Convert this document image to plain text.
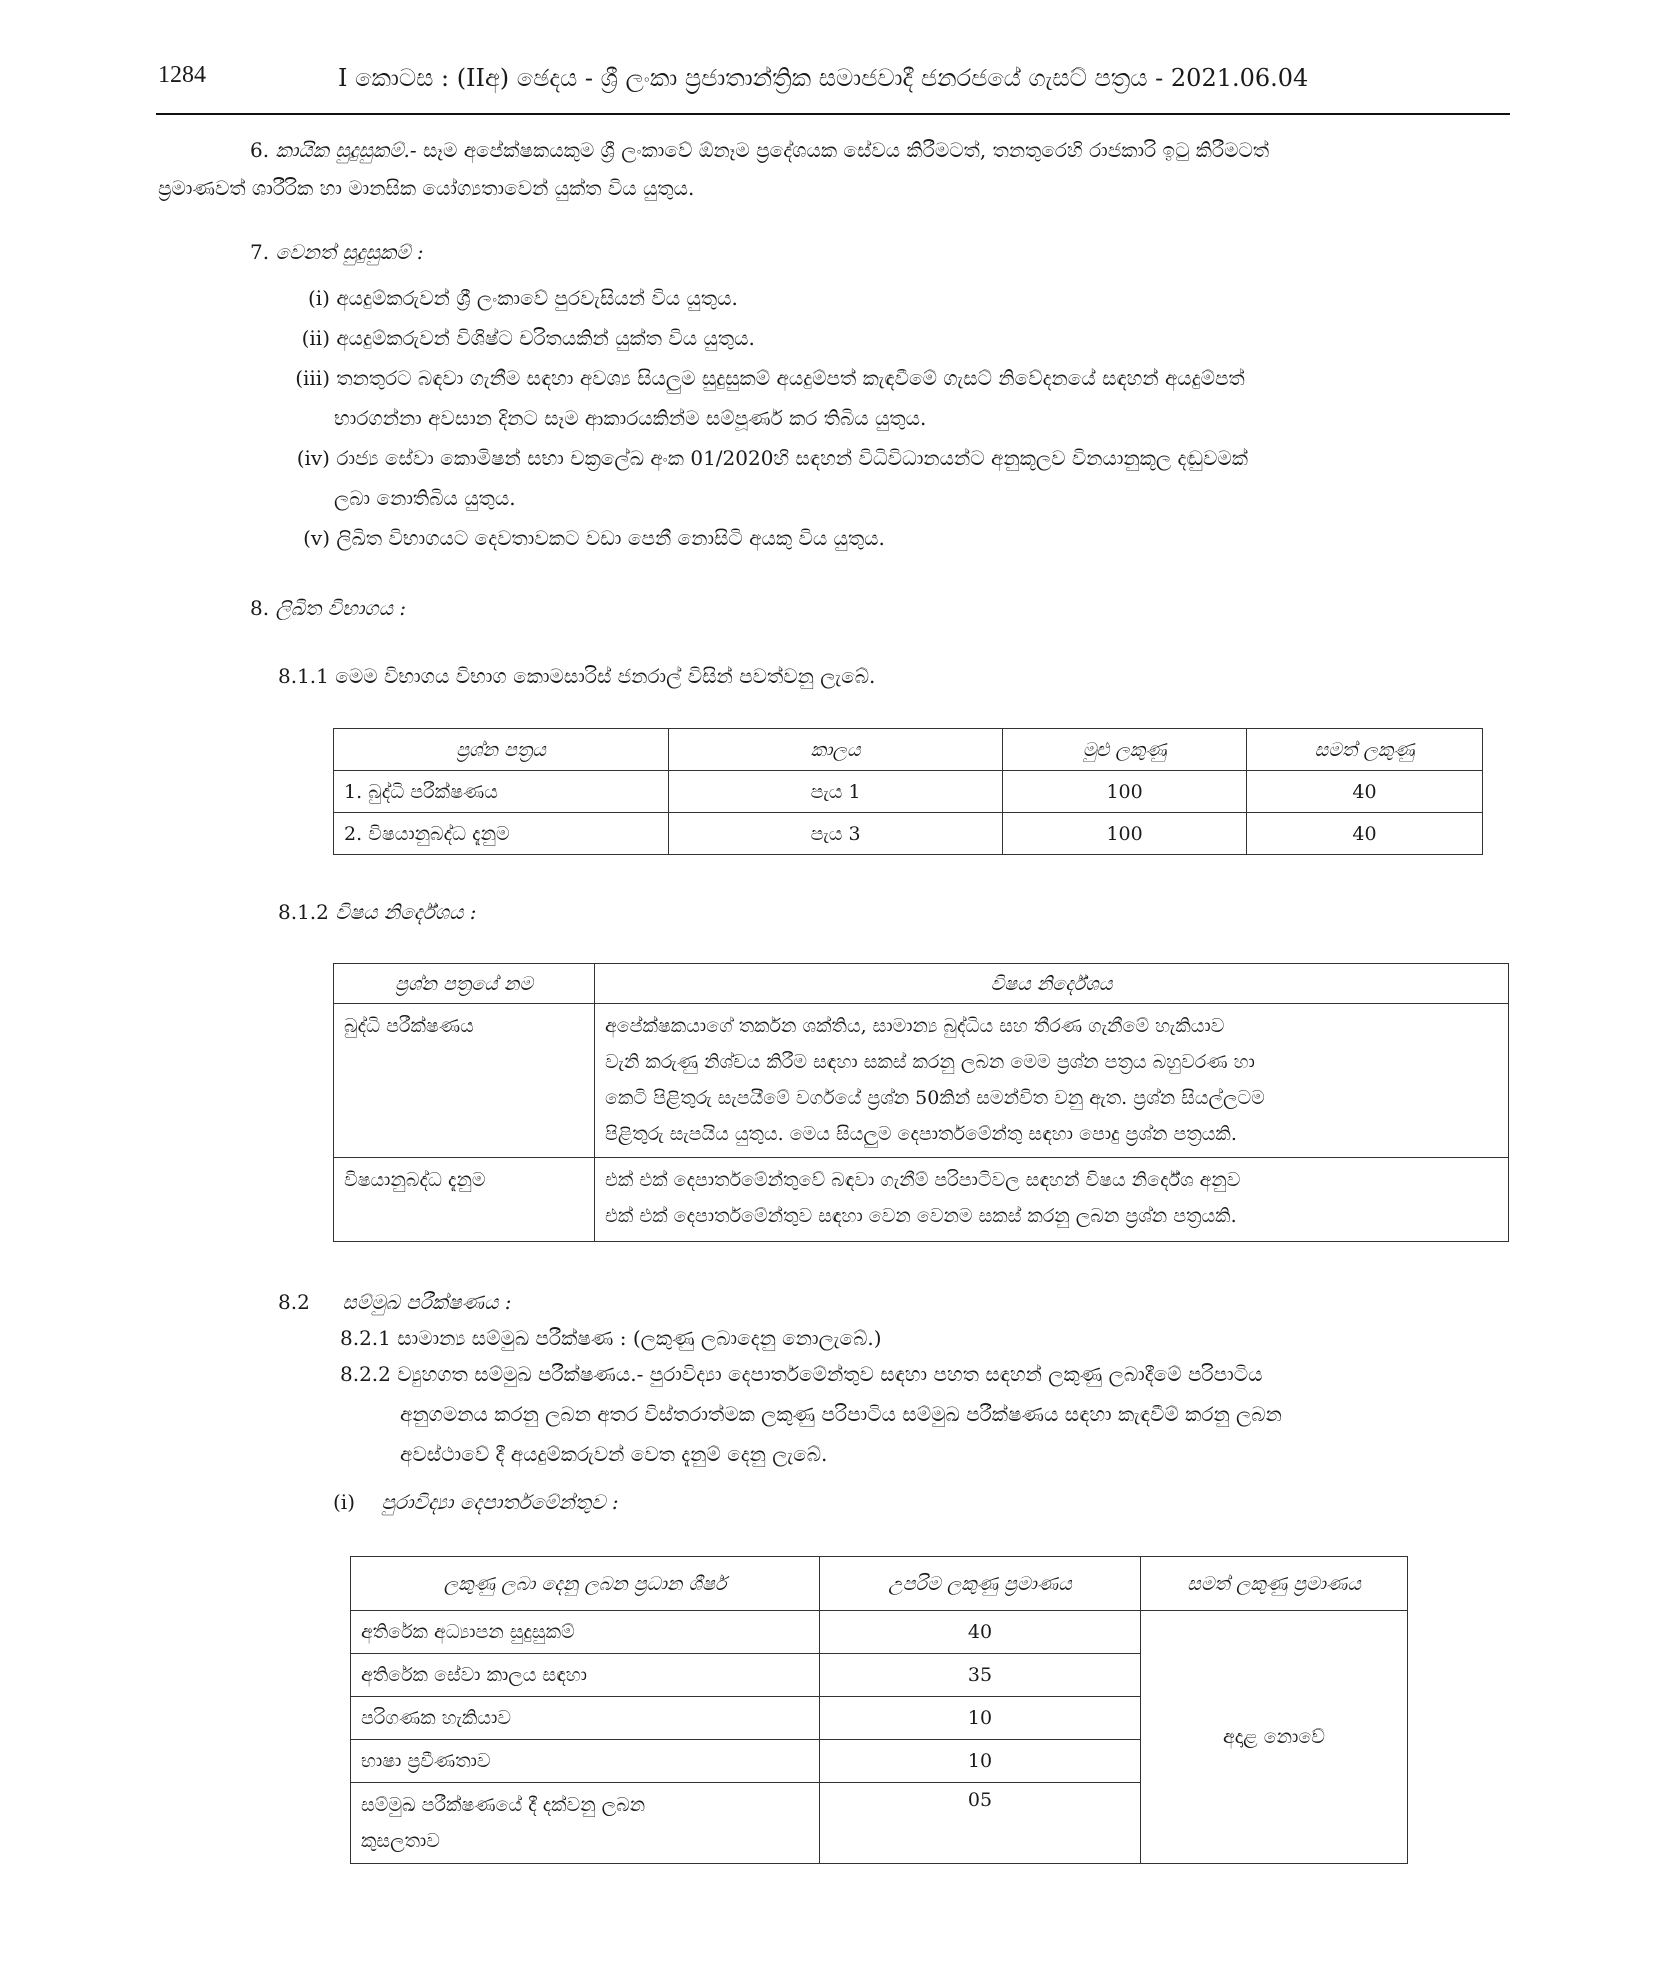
1284	I කොටස : (IIඅ) ඡෙදය - ශ්‍රී ලංකා ප්‍රජාතාන්ත්‍රික සමාජවාදී ජනරජයේ ගැසට් පත්‍රය - 2021.06.04
6. කායික සුදුසුකම්.- සෑම අපේක්ෂකයකුම ශ්‍රී ලංකාවේ ඕනෑම ප්‍රදේශයක සේවය කිරීමටත්, තනතුරෙහි රාජකාරි ඉටු කිරීමටත්
ප්‍රමාණවත් ශාරීරික හා මානසික යෝග්‍යතාවෙන් යුක්ත විය යුතුය.
7. වෙනත් සුදුසුකම් :
(i) අයදුම්කරුවන් ශ්‍රී ලංකාවේ පුරවැසියන් විය යුතුය.
(ii) අයදුම්කරුවන් විශිෂ්ට චරිතයකින් යුක්ත විය යුතුය.
(iii) තනතුරට බඳවා ගැනීම සඳහා අවශ්‍ය සියලුම සුදුසුකම් අයදුම්පත් කැඳවීමේ ගැසට් නිවේදනයේ සඳහන් අයදුම්පත්
භාරගන්නා අවසාන දිනට සෑම ආකාරයකින්ම සම්පූර්ණ කර තිබිය යුතුය.
(iv) රාජ්‍ය සේවා කොමිෂන් සභා චක්‍රලේඛ අංක 01/2020හි සඳහන් විධිවිධානයන්ට අනුකූලව විනයානුකූල දඬුවමක්
ලබා නොතිබිය යුතුය.
(v) ලිඛිත විභාගයට දෙවතාවකට වඩා පෙනී නොසිටි අයකු විය යුතුය.
8. ලිඛිත විභාගය :
8.1.1 මෙම විභාගය විභාග කොමසාරිස් ජනරාල් විසින් පවත්වනු ලැබේ.
ප්‍රශ්න පත්‍රය	කාලය	මුළු ලකුණු	සමත් ලකුණු
1. බුද්ධි පරීක්ෂණය	පැය 1	100	40
2. විෂයානුබද්ධ දැනුම	පැය 3	100	40
8.1.2 විෂය නිර්දේශය :
ප්‍රශ්න පත්‍රයේ නම	විෂය නිර්දේශය
බුද්ධි පරීක්ෂණය	අපේක්ෂකයාගේ තර්කන ශක්තිය, සාමාන්‍ය බුද්ධිය සහ තීරණ ගැනීමේ හැකියාව
වැනි කරුණු නිශ්චය කිරීම සඳහා සකස් කරනු ලබන මෙම ප්‍රශ්න පත්‍රය බහුවරණ හා
කෙටි පිළිතුරු සැපයීමේ වර්ගයේ ප්‍රශ්න 50කින් සමන්විත වනු ඇත. ප්‍රශ්න සියල්ලටම
පිළිතුරු සැපයිය යුතුය. මෙය සියලුම දෙපාර්තමේන්තු සඳහා පොදු ප්‍රශ්න පත්‍රයකි.

විෂයානුබද්ධ දැනුම	එක් එක් දෙපාර්තමේන්තුවේ බඳවා ගැනීම් පරිපාටිවල සඳහන් විෂය නිර්දේශ අනුව
එක් එක් දෙපාර්තමේන්තුව සඳහා වෙන වෙනම සකස් කරනු ලබන ප්‍රශ්න පත්‍රයකි.
8.2 සම්මුඛ පරීක්ෂණය :
8.2.1 සාමාන්‍ය සම්මුඛ පරීක්ෂණ : (ලකුණු ලබාදෙනු නොලැබේ.)
8.2.2 ව්‍යුහගත සම්මුඛ පරීක්ෂණය.- පුරාවිද්‍යා දෙපාර්තමේන්තුව සඳහා පහත සඳහන් ලකුණු ලබාදීමේ පරිපාටිය
අනුගමනය කරනු ලබන අතර විස්තරාත්මක ලකුණු පරිපාටිය සම්මුඛ පරීක්ෂණය සඳහා කැඳවීම් කරනු ලබන
අවස්ථාවේ දී අයදුම්කරුවන් වෙත දැනුම් දෙනු ලැබේ.
(i) පුරාවිද්‍යා දෙපාර්තමේන්තුව :
ලකුණු ලබා දෙනු ලබන ප්‍රධාන ශීර්ෂ	උපරිම ලකුණු ප්‍රමාණය	සමත් ලකුණු ප්‍රමාණය
අතිරේක අධ්‍යාපන සුදුසුකම්	40	අදාළ නොවේ
අතිරේක සේවා කාලය සඳහා	35	
පරිගණක හැකියාව	10	
භාෂා ප්‍රවීණතාව	10	

සම්මුඛ පරීක්ෂණයේ දී දක්වනු ලබන
කුසලතාව	05	
